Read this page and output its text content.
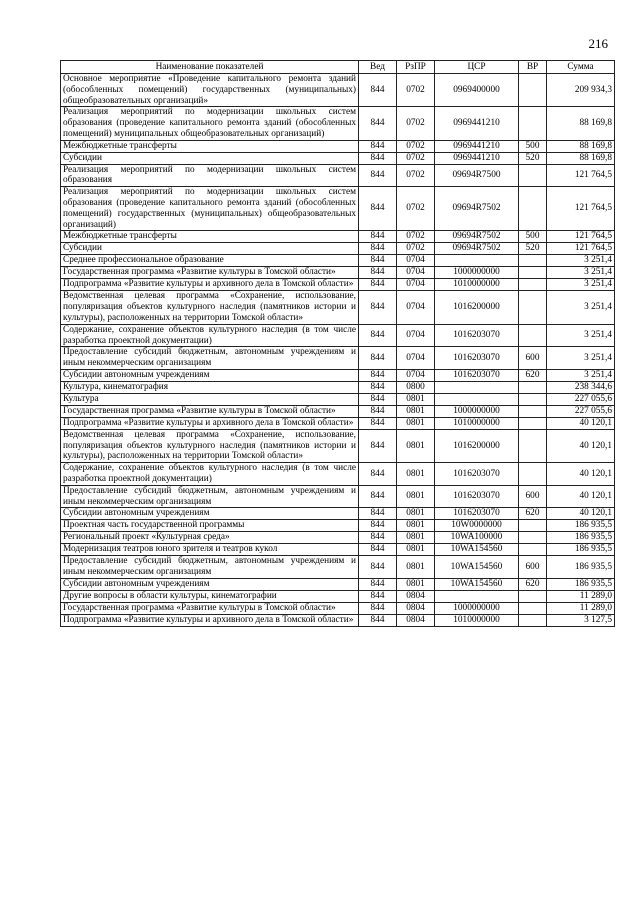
216
Наименование показателей	Вед	РзПР	ЦСР	ВР	Сумма
Основное мероприятие «Проведение капитального ремонта зданий (обособленных помещений) государственных (муниципальных) общеобразовательных организаций»	844	0702	0969400000		209 934,3
Реализация мероприятий по модернизации школьных систем образования (проведение капитального ремонта зданий (обособленных помещений) муниципальных общеобразовательных организаций)	844	0702	0969441210		88 169,8
Межбюджетные трансферты	844	0702	0969441210	500	88 169,8
Субсидии	844	0702	0969441210	520	88 169,8
Реализация мероприятий по модернизации школьных систем образования	844	0702	09694R7500		121 764,5
Реализация мероприятий по модернизации школьных систем образования (проведение капитального ремонта зданий (обособленных помещений) государственных (муниципальных) общеобразовательных организаций)	844	0702	09694R7502		121 764,5
Межбюджетные трансферты	844	0702	09694R7502	500	121 764,5
Субсидии	844	0702	09694R7502	520	121 764,5
Среднее профессиональное образование	844	0704			3 251,4
Государственная программа «Развитие культуры в Томской области»	844	0704	1000000000		3 251,4
Подпрограмма «Развитие культуры и архивного дела в Томской области»	844	0704	1010000000		3 251,4
Ведомственная целевая программа «Сохранение, использование, популяризация объектов культурного наследия (памятников истории и культуры), расположенных на территории Томской области»	844	0704	1016200000		3 251,4
Содержание, сохранение объектов культурного наследия (в том числе разработка проектной документации)	844	0704	1016203070		3 251,4
Предоставление субсидий бюджетным, автономным учреждениям и иным некоммерческим организациям	844	0704	1016203070	600	3 251,4
Субсидии автономным учреждениям	844	0704	1016203070	620	3 251,4
Культура, кинематография	844	0800			238 344,6
Культура	844	0801			227 055,6
Государственная программа «Развитие культуры в Томской области»	844	0801	1000000000		227 055,6
Подпрограмма «Развитие культуры и архивного дела в Томской области»	844	0801	1010000000		40 120,1
Ведомственная целевая программа «Сохранение, использование, популяризация объектов культурного наследия (памятников истории и культуры), расположенных на территории Томской области»	844	0801	1016200000		40 120,1
Содержание, сохранение объектов культурного наследия (в том числе разработка проектной документации)	844	0801	1016203070		40 120,1
Предоставление субсидий бюджетным, автономным учреждениям и иным некоммерческим организациям	844	0801	1016203070	600	40 120,1
Субсидии автономным учреждениям	844	0801	1016203070	620	40 120,1
Проектная часть государственной программы	844	0801	10W0000000		186 935,5
Региональный проект «Культурная среда»	844	0801	10WA100000		186 935,5
Модернизация театров юного зрителя и театров кукол	844	0801	10WA154560		186 935,5
Предоставление субсидий бюджетным, автономным учреждениям и иным некоммерческим организациям	844	0801	10WA154560	600	186 935,5
Субсидии автономным учреждениям	844	0801	10WA154560	620	186 935,5
Другие вопросы в области культуры, кинематографии	844	0804			11 289,0
Государственная программа «Развитие культуры в Томской области»	844	0804	1000000000		11 289,0
Подпрограмма «Развитие культуры и архивного дела в Томской области»	844	0804	1010000000		3 127,5
